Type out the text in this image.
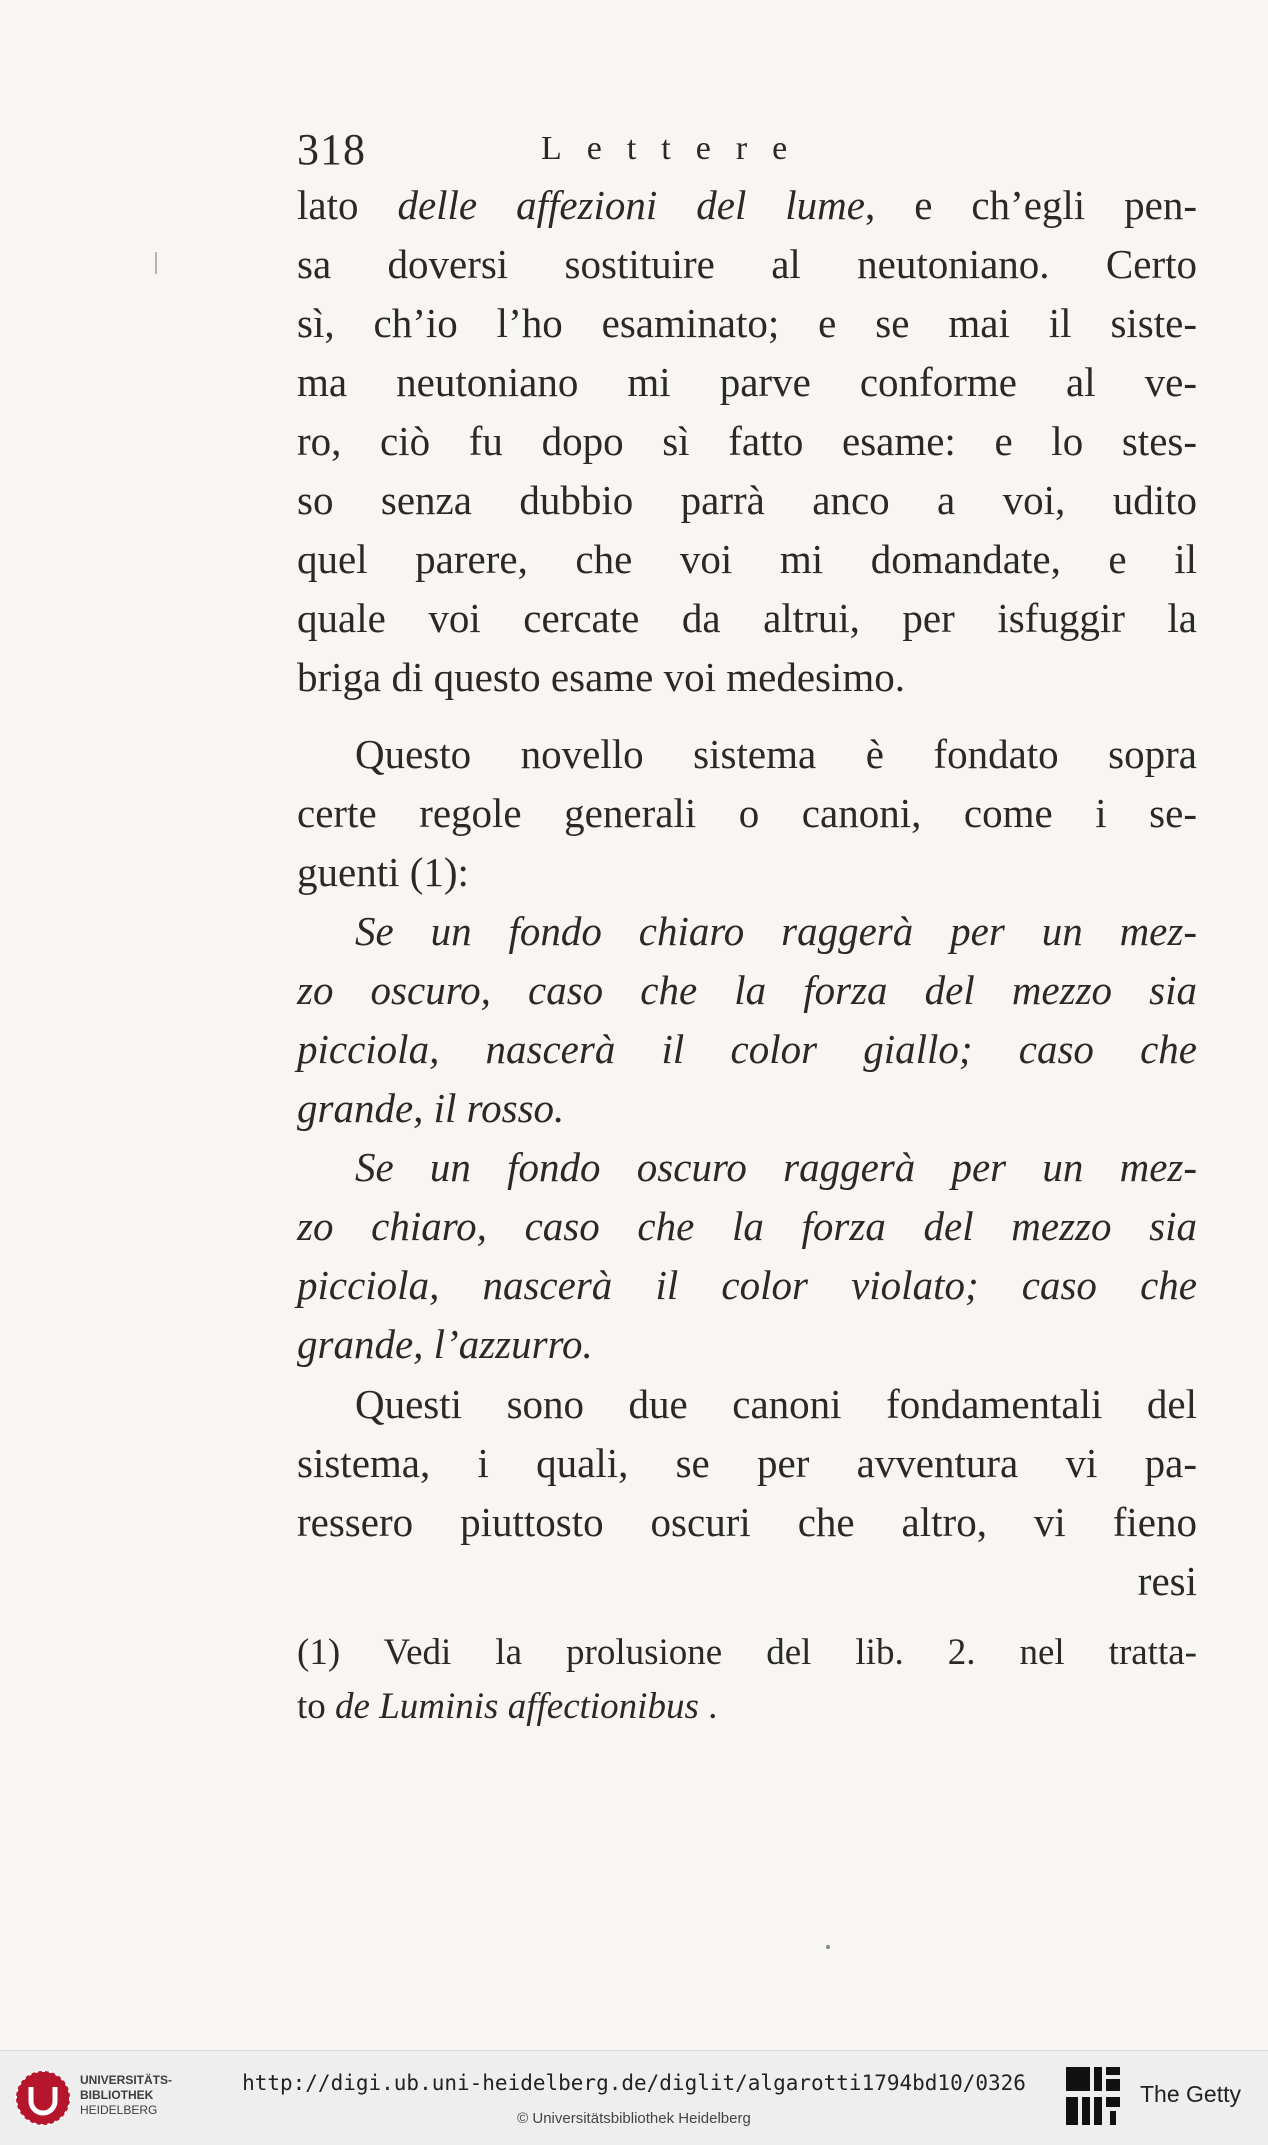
318	Lettere
lato delle affezioni del lume, e ch’egli pen-
sa doversi sostituire al neutoniano. Certo
sì, ch’io l’ho esaminato; e se mai il siste-
ma neutoniano mi parve conforme al ve-
ro, ciò fu dopo sì fatto esame: e lo stes-
so senza dubbio parrà anco a voi, udito
quel parere, che voi mi domandate, e il
quale voi cercate da altrui, per isfuggir la
briga di questo esame voi medesimo.
Questo novello sistema è fondato sopra
certe regole generali o canoni, come i se-
guenti (1):
Se un fondo chiaro raggerà per un mez-
zo oscuro, caso che la forza del mezzo sia
picciola, nascerà il color giallo; caso che
grande, il rosso.
Se un fondo oscuro raggerà per un mez-
zo chiaro, caso che la forza del mezzo sia
picciola, nascerà il color violato; caso che
grande, l’azzurro.
Questi sono due canoni fondamentali del
sistema, i quali, se per avventura vi pa-
ressero piuttosto oscuri che altro, vi fieno
resi
(1) Vedi la prolusione del lib. 2. nel tratta-
to de Luminis affectionibus .
UNIVERSITÄTS-
BIBLIOTHEK
HEIDELBERG
http://digi.ub.uni-heidelberg.de/diglit/algarotti1794bd10/0326
© Universitätsbibliothek Heidelberg
The Getty
